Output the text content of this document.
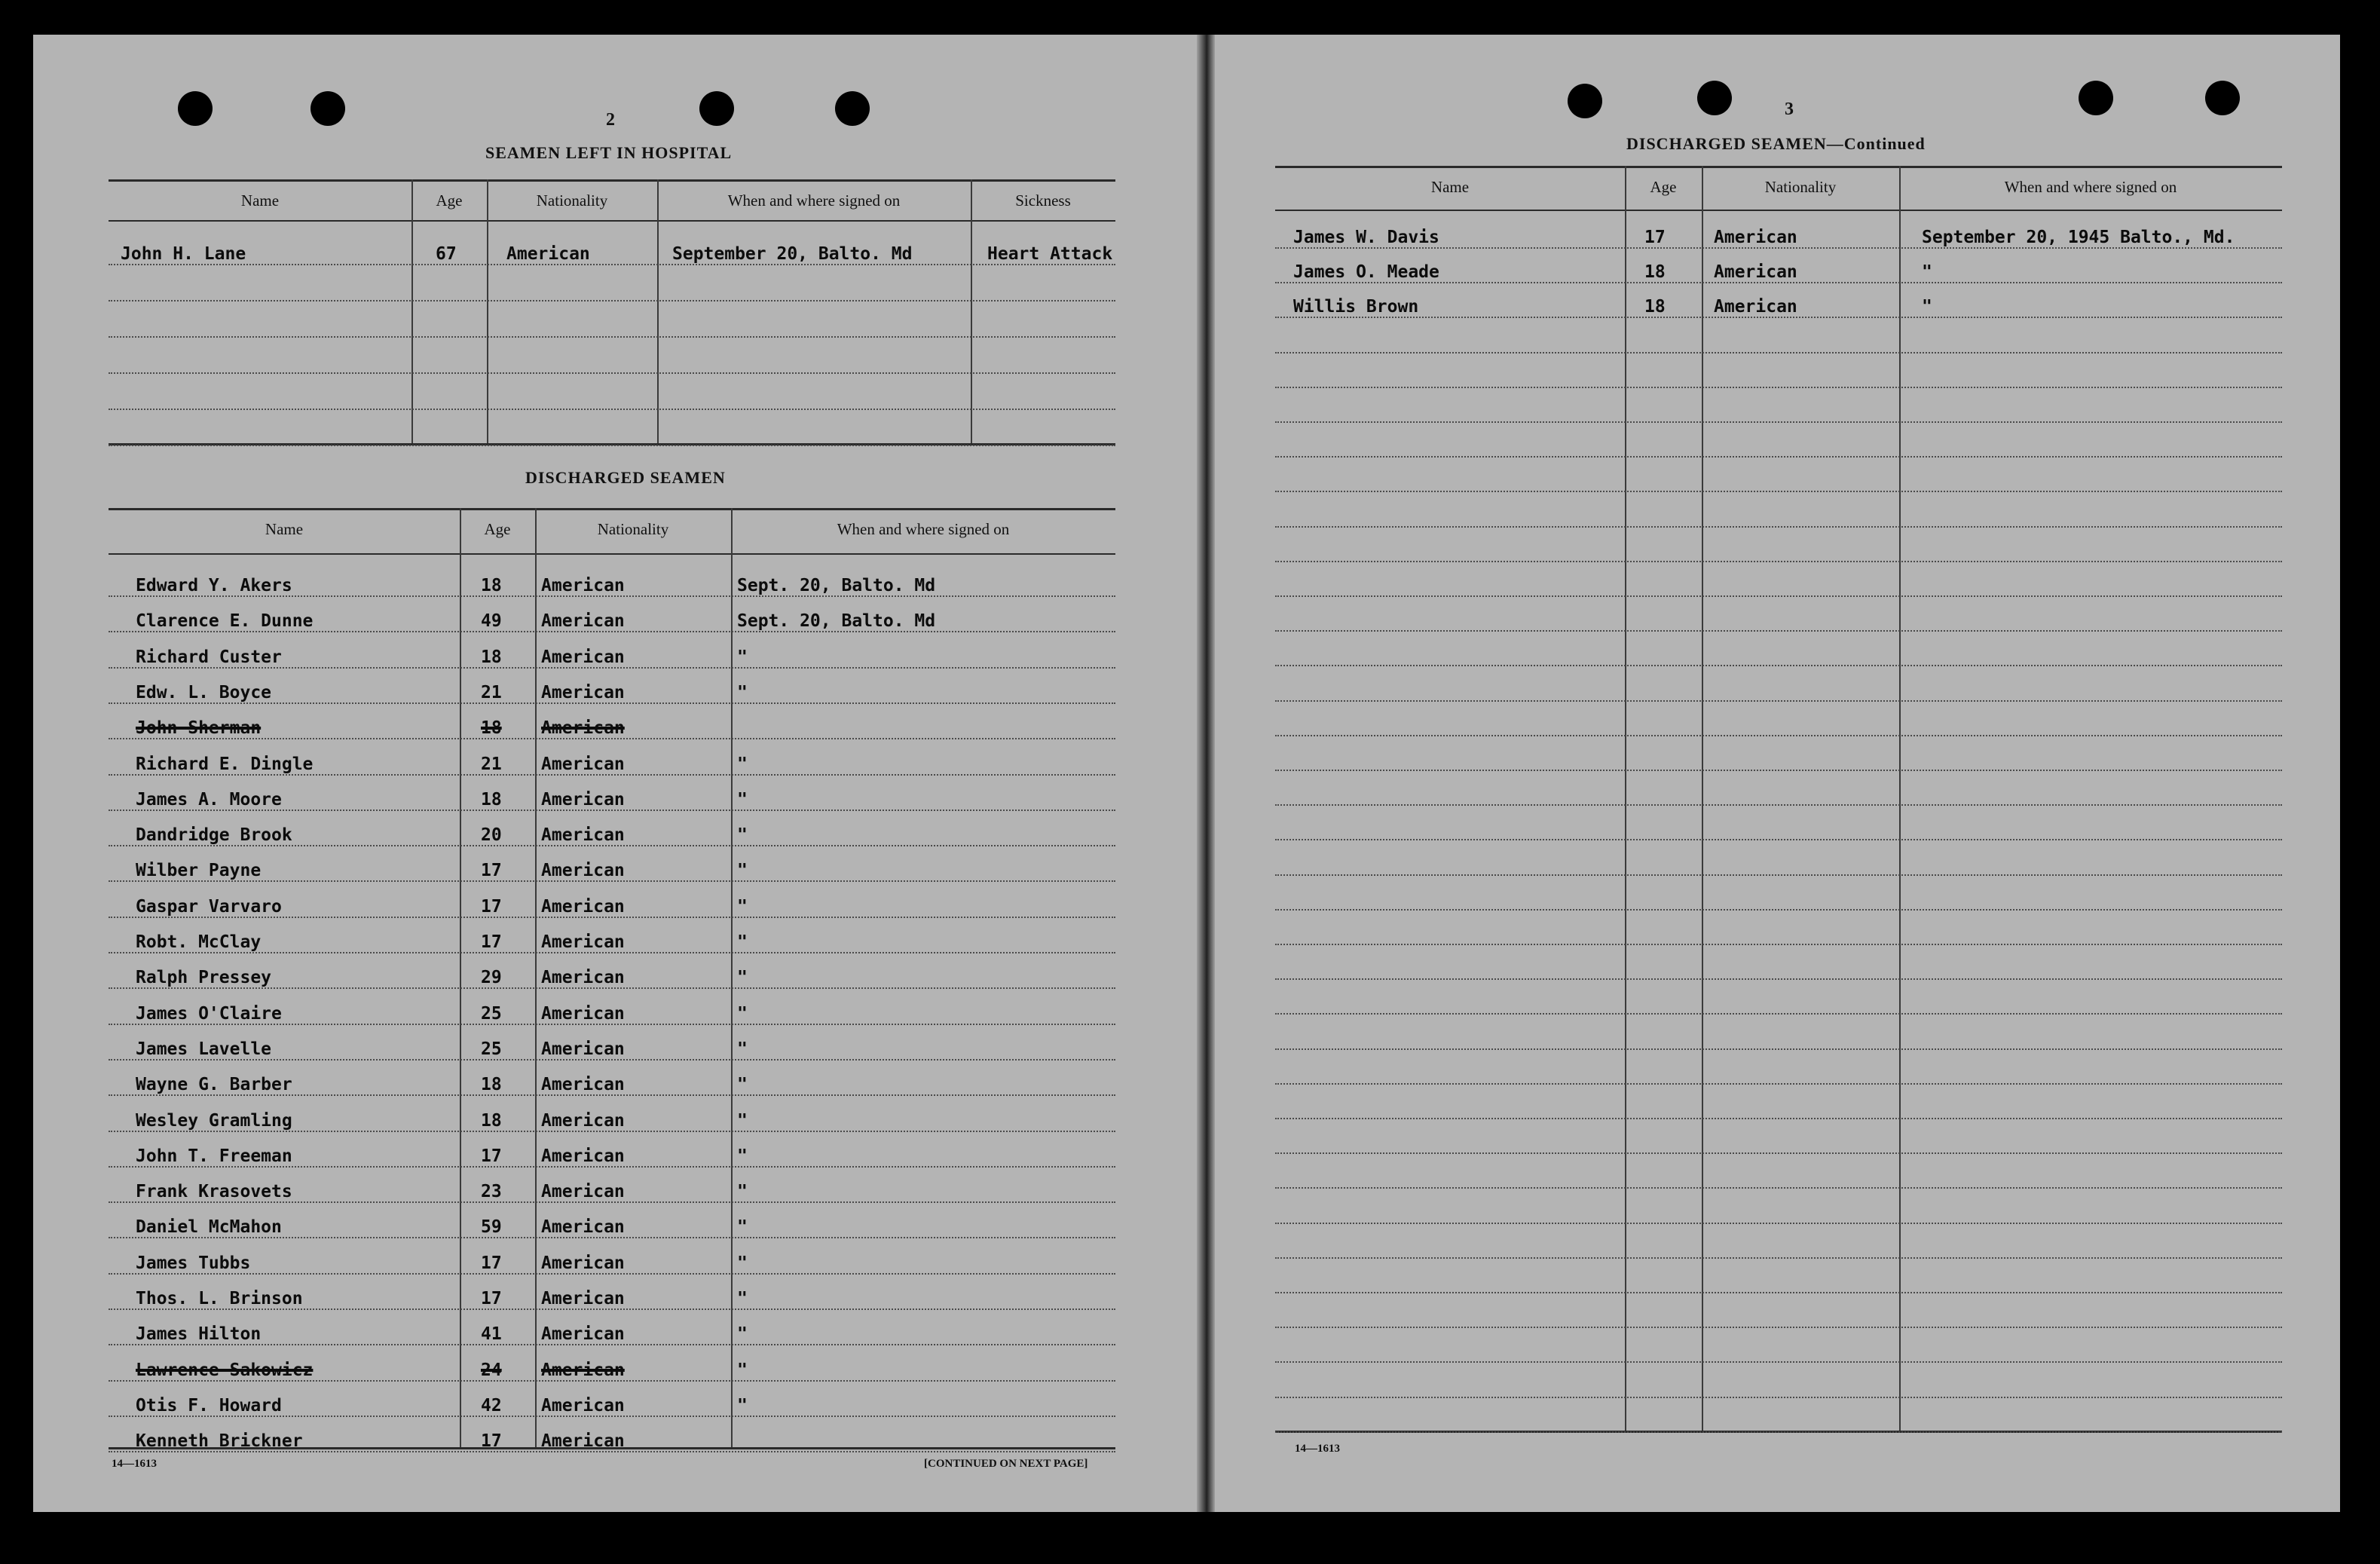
2
SEAMEN LEFT IN HOSPITAL
Name	Age	Nationality	When and where signed on	Sickness
John H. Lane	67	American	September 20, Balto. Md	Heart Attack
DISCHARGED SEAMEN
Name	Age	Nationality	When and where signed on
Edward Y. Akers	18 American	Sept. 20, Balto. Md
Clarence E. Dunne	49 American	Sept. 20, Balto. Md
Richard Custer	18 American	"
Edw. L. Boyce	21 American	"
John Sherman	18 American
Richard E. Dingle	21 American	"
James A. Moore	18 American	"
Dandridge Brook	20 American	"
Wilber Payne	17 American	"
Gaspar Varvaro	17 American	"
Robt. McClay	17 American	"
Ralph Pressey	29 American	"
James O'Claire	25 American	"
James Lavelle	25 American	"
Wayne G. Barber	18 American	"
Wesley Gramling	18 American	"
John T. Freeman	17 American	"
Frank Krasovets	23 American	"
Daniel McMahon	59 American	"
James Tubbs	17 American	"
Thos. L. Brinson	17 American	"
James Hilton	41 American	"
Lawrence Sakowicz	24 American	"
Otis F. Howard	42 American	"
Kenneth Brickner	17 American
14—1613	[CONTINUED ON NEXT PAGE]
3
DISCHARGED SEAMEN—Continued
Name	Age	Nationality	When and where signed on
James W. Davis	17	American	September 20, 1945 Balto., Md.
James O. Meade	18	American	"
Willis Brown	18	American	"
14—1613
